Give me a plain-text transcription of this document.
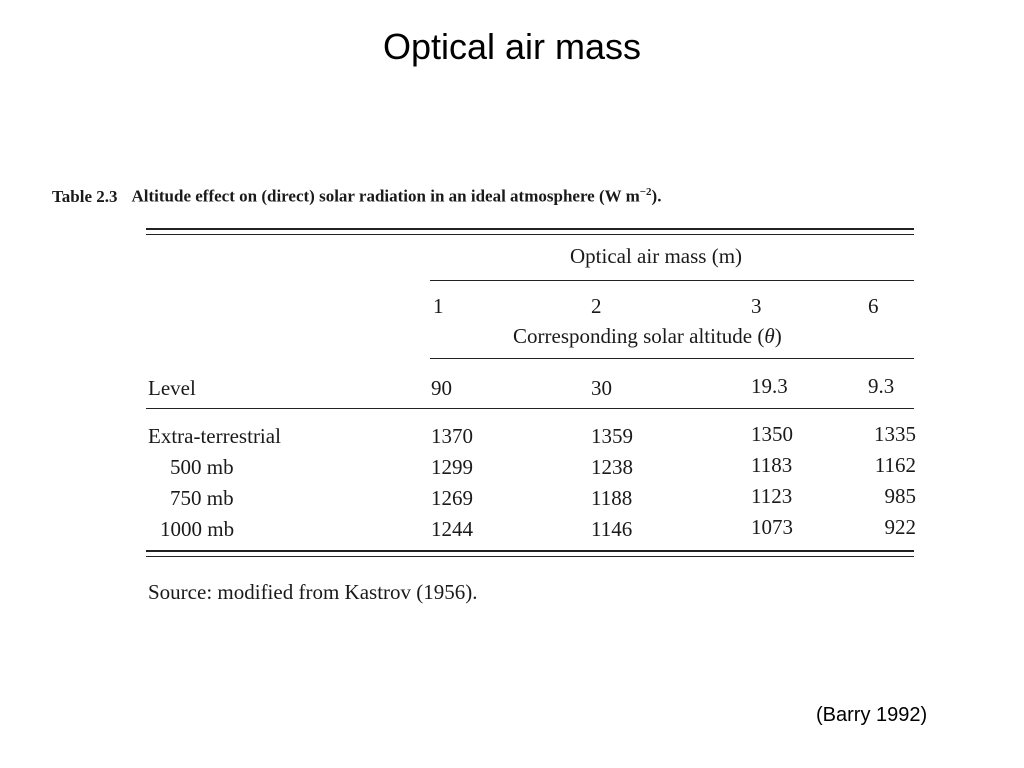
Optical air mass
Table 2.3 Altitude effect on (direct) solar radiation in an ideal atmosphere (W $m^{-2}$).
Optical air mass (m)
1	2	3	6
Corresponding solar altitude (θ)
Level	90	30	19.3	9.3
Extra-terrestrial	1370	1359	1350	1335
500 mb	1299	1238	1183	1162
750 mb	1269	1188	1123	985
1000 mb	1244	1146	1073	922
Source: modified from Kastrov (1956).
(Barry 1992)
